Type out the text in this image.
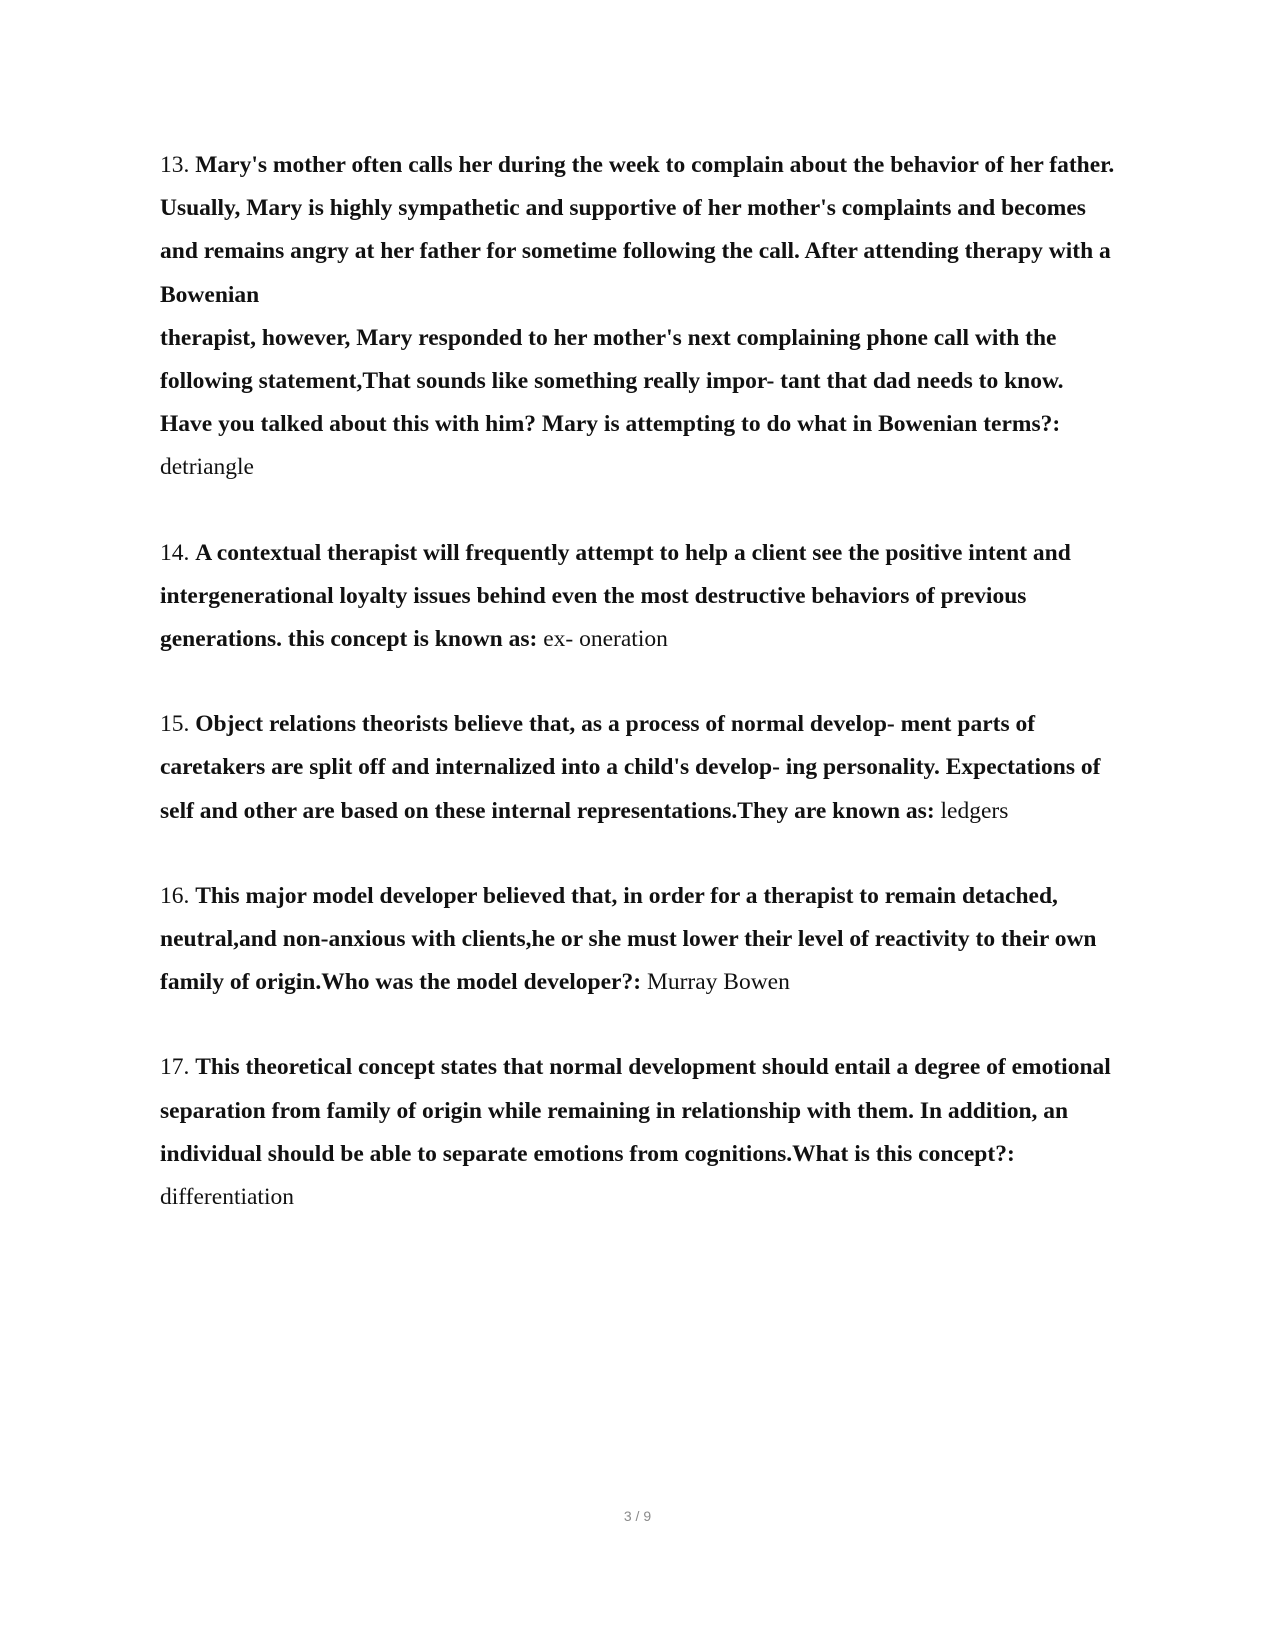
13. Mary's mother often calls her during the week to complain about the behavior of her father. Usually, Mary is highly sympathetic and supportive of her mother's complaints and becomes and remains angry at her father for sometime following the call. After attending therapy with a Bowenian
therapist, however, Mary responded to her mother's next complaining phone call with the following statement,That sounds like something really impor- tant that dad needs to know. Have you talked about this with him? Mary is attempting to do what in Bowenian terms?: detriangle

14. A contextual therapist will frequently attempt to help a client see the positive intent and intergenerational loyalty issues behind even the most destructive behaviors of previous generations. this concept is known as: ex- oneration

15. Object relations theorists believe that, as a process of normal develop- ment parts of caretakers are split off and internalized into a child's develop- ing personality. Expectations of self and other are based on these internal representations.They are known as: ledgers

16. This major model developer believed that, in order for a therapist to remain detached, neutral,and non-anxious with clients,he or she must lower their level of reactivity to their own family of origin.Who was the model developer?: Murray Bowen

17. This theoretical concept states that normal development should entail a degree of emotional separation from family of origin while remaining in relationship with them. In addition, an individual should be able to separate emotions from cognitions.What is this concept?: differentiation

3 / 9
